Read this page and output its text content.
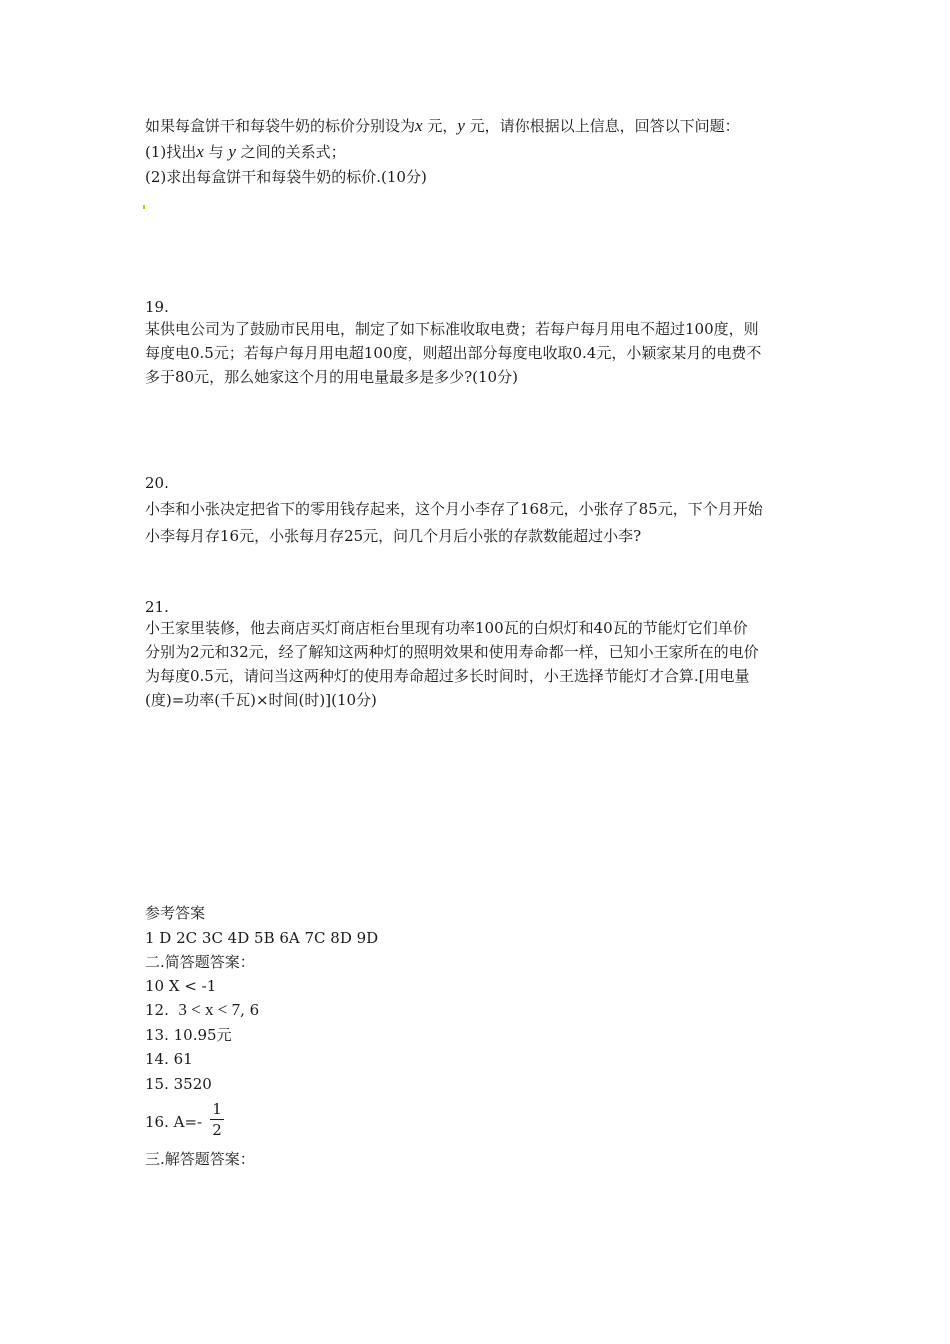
如果每盒饼干和每袋牛奶的标价分别设为x 元，y 元，请你根据以上信息，回答以下问题：
(1)找出x 与 y 之间的关系式；
(2)求出每盒饼干和每袋牛奶的标价.(10分)
19.
某供电公司为了鼓励市民用电，制定了如下标准收取电费；若每户每月用电不超过100度，则
每度电0.5元；若每户每月用电超100度，则超出部分每度电收取0.4元，小颖家某月的电费不
多于80元，那么她家这个月的用电量最多是多少?(10分)
20.
小李和小张决定把省下的零用钱存起来，这个月小李存了168元，小张存了85元，下个月开始
小李每月存16元，小张每月存25元，问几个月后小张的存款数能超过小李?
21.
小王家里装修，他去商店买灯商店柜台里现有功率100瓦的白炽灯和40瓦的节能灯它们单价
分别为2元和32元，经了解知这两种灯的照明效果和使用寿命都一样，已知小王家所在的电价
为每度0.5元，请问当这两种灯的使用寿命超过多长时间时，小王选择节能灯才合算.[用电量
(度)=功率(千瓦)×时间(时)](10分)
参考答案
1 D 2C 3C 4D 5B 6A 7C 8D 9D
二.简答题答案：
10 X < -1
12. 3 < x < 7, 6
13. 10.95元
14. 61
15. 3520
16. A=-
1
2
三.解答题答案：
